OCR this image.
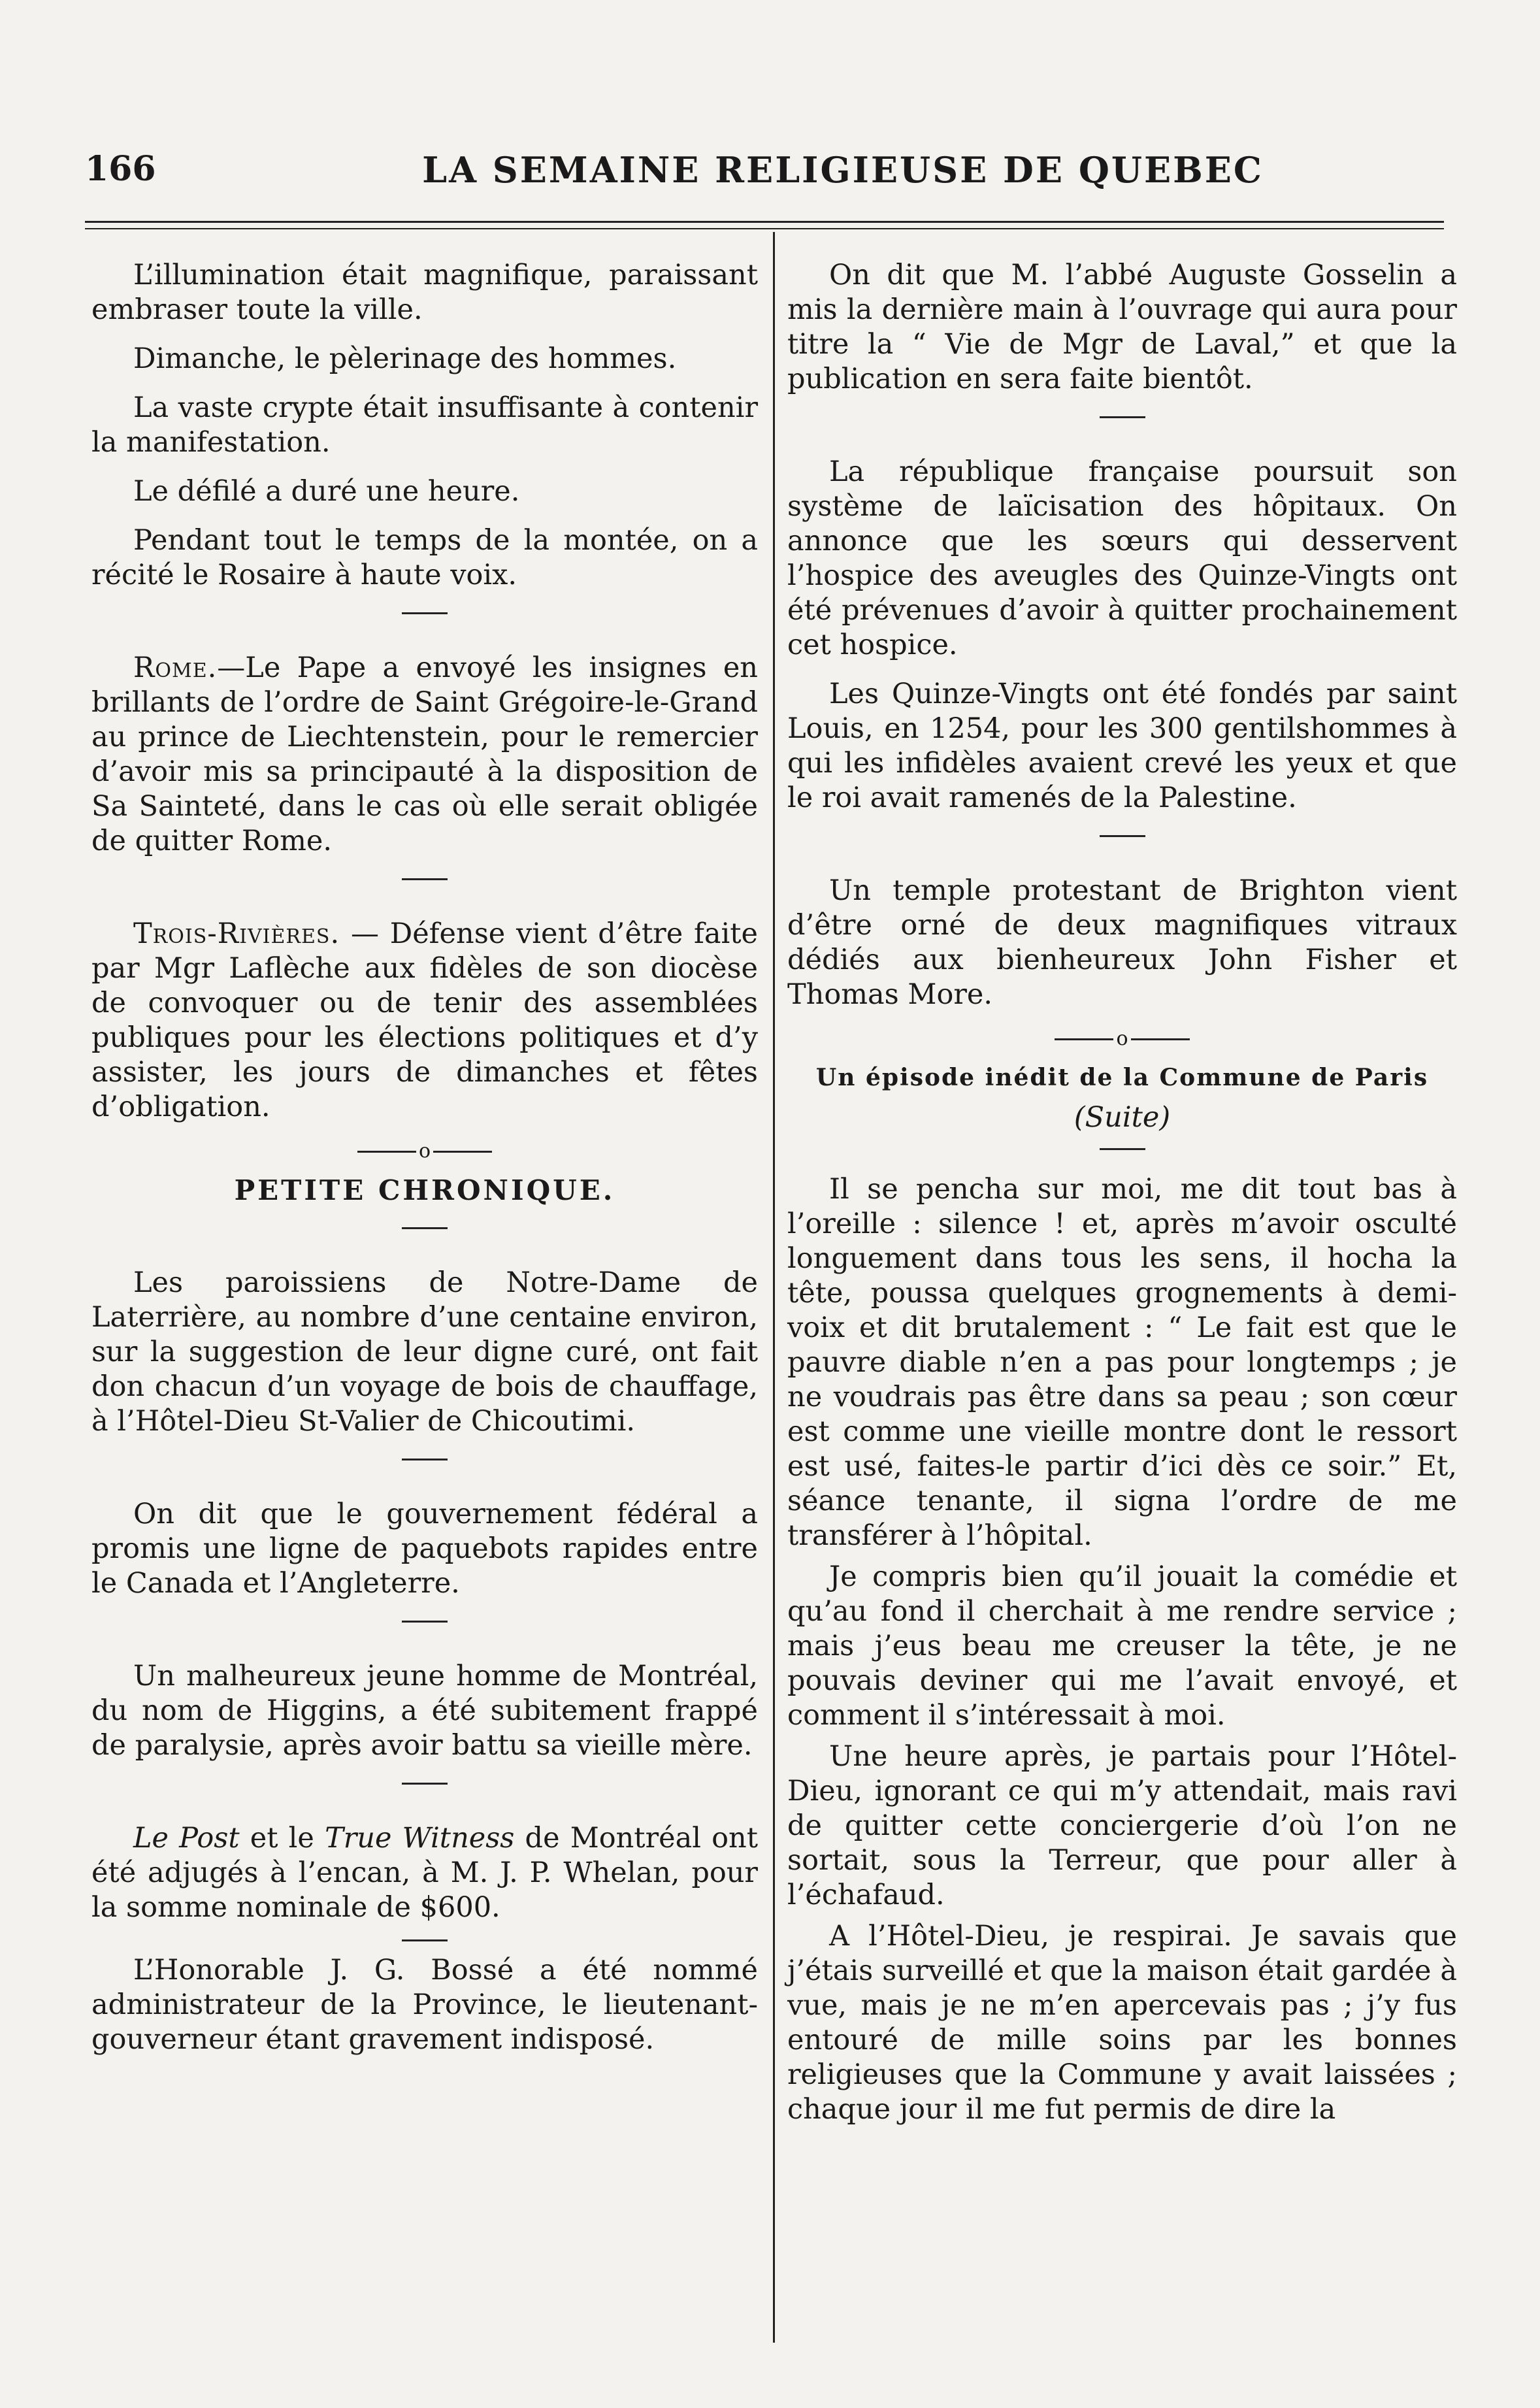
166	LA SEMAINE RELIGIEUSE DE QUEBEC

L’illumination était magnifique, paraissant embraser toute la ville.

Dimanche, le pèlerinage des hommes.

La vaste crypte était insuffisante à contenir la manifestation.

Le défilé a duré une heure.

Pendant tout le temps de la montée, on a récité le Rosaire à haute voix.

Rome.—Le Pape a envoyé les insignes en brillants de l’ordre de Saint Grégoire-le-Grand au prince de Liechtenstein, pour le remercier d’avoir mis sa principauté à la disposition de Sa Sainteté, dans le cas où elle serait obligée de quitter Rome.

Trois-Rivières. — Défense vient d’être faite par Mgr Laflèche aux fidèles de son diocèse de convoquer ou de tenir des assemblées publiques pour les élections politiques et d’y assister, les jours de dimanches et fêtes d’obligation.

o
PETITE CHRONIQUE.

Les paroissiens de Notre-Dame de Laterrière, au nombre d’une centaine environ, sur la suggestion de leur digne curé, ont fait don chacun d’un voyage de bois de chauffage, à l’Hôtel-Dieu St-Valier de Chicoutimi.

On dit que le gouvernement fédéral a promis une ligne de paquebots rapides entre le Canada et l’Angleterre.

Un malheureux jeune homme de Montréal, du nom de Higgins, a été subitement frappé de paralysie, après avoir battu sa vieille mère.

Le Post et le True Witness de Montréal ont été adjugés à l’encan, à M. J. P. Whelan, pour la somme nominale de $600.

L’Honorable J. G. Bossé a été nommé administrateur de la Province, le lieutenant-gouverneur étant gravement indisposé.

On dit que M. l’abbé Auguste Gosselin a mis la dernière main à l’ouvrage qui aura pour titre la “ Vie de Mgr de Laval,” et que la publication en sera faite bientôt.

La république française poursuit son système de laïcisation des hôpitaux. On annonce que les sœurs qui desservent l’hospice des aveugles des Quinze-Vingts ont été prévenues d’avoir à quitter prochainement cet hospice.

Les Quinze-Vingts ont été fondés par saint Louis, en 1254, pour les 300 gentilshommes à qui les infidèles avaient crevé les yeux et que le roi avait ramenés de la Palestine.

Un temple protestant de Brighton vient d’être orné de deux magnifiques vitraux dédiés aux bienheureux John Fisher et Thomas More.

o
Un épisode inédit de la Commune de Paris
(Suite)

Il se pencha sur moi, me dit tout bas à l’oreille : silence ! et, après m’avoir osculté longuement dans tous les sens, il hocha la tête, poussa quelques grognements à demi-voix et dit brutalement : “ Le fait est que le pauvre diable n’en a pas pour longtemps ; je ne voudrais pas être dans sa peau ; son cœur est comme une vieille montre dont le ressort est usé, faites-le partir d’ici dès ce soir.” Et, séance tenante, il signa l’ordre de me transférer à l’hôpital.

Je compris bien qu’il jouait la comédie et qu’au fond il cherchait à me rendre service ; mais j’eus beau me creuser la tête, je ne pouvais deviner qui me l’avait envoyé, et comment il s’intéressait à moi.

Une heure après, je partais pour l’Hôtel-Dieu, ignorant ce qui m’y attendait, mais ravi de quitter cette conciergerie d’où l’on ne sortait, sous la Terreur, que pour aller à l’échafaud.

A l’Hôtel-Dieu, je respirai. Je savais que j’étais surveillé et que la maison était gardée à vue, mais je ne m’en apercevais pas ; j’y fus entouré de mille soins par les bonnes religieuses que la Commune y avait laissées ; chaque jour il me fut permis de dire la
